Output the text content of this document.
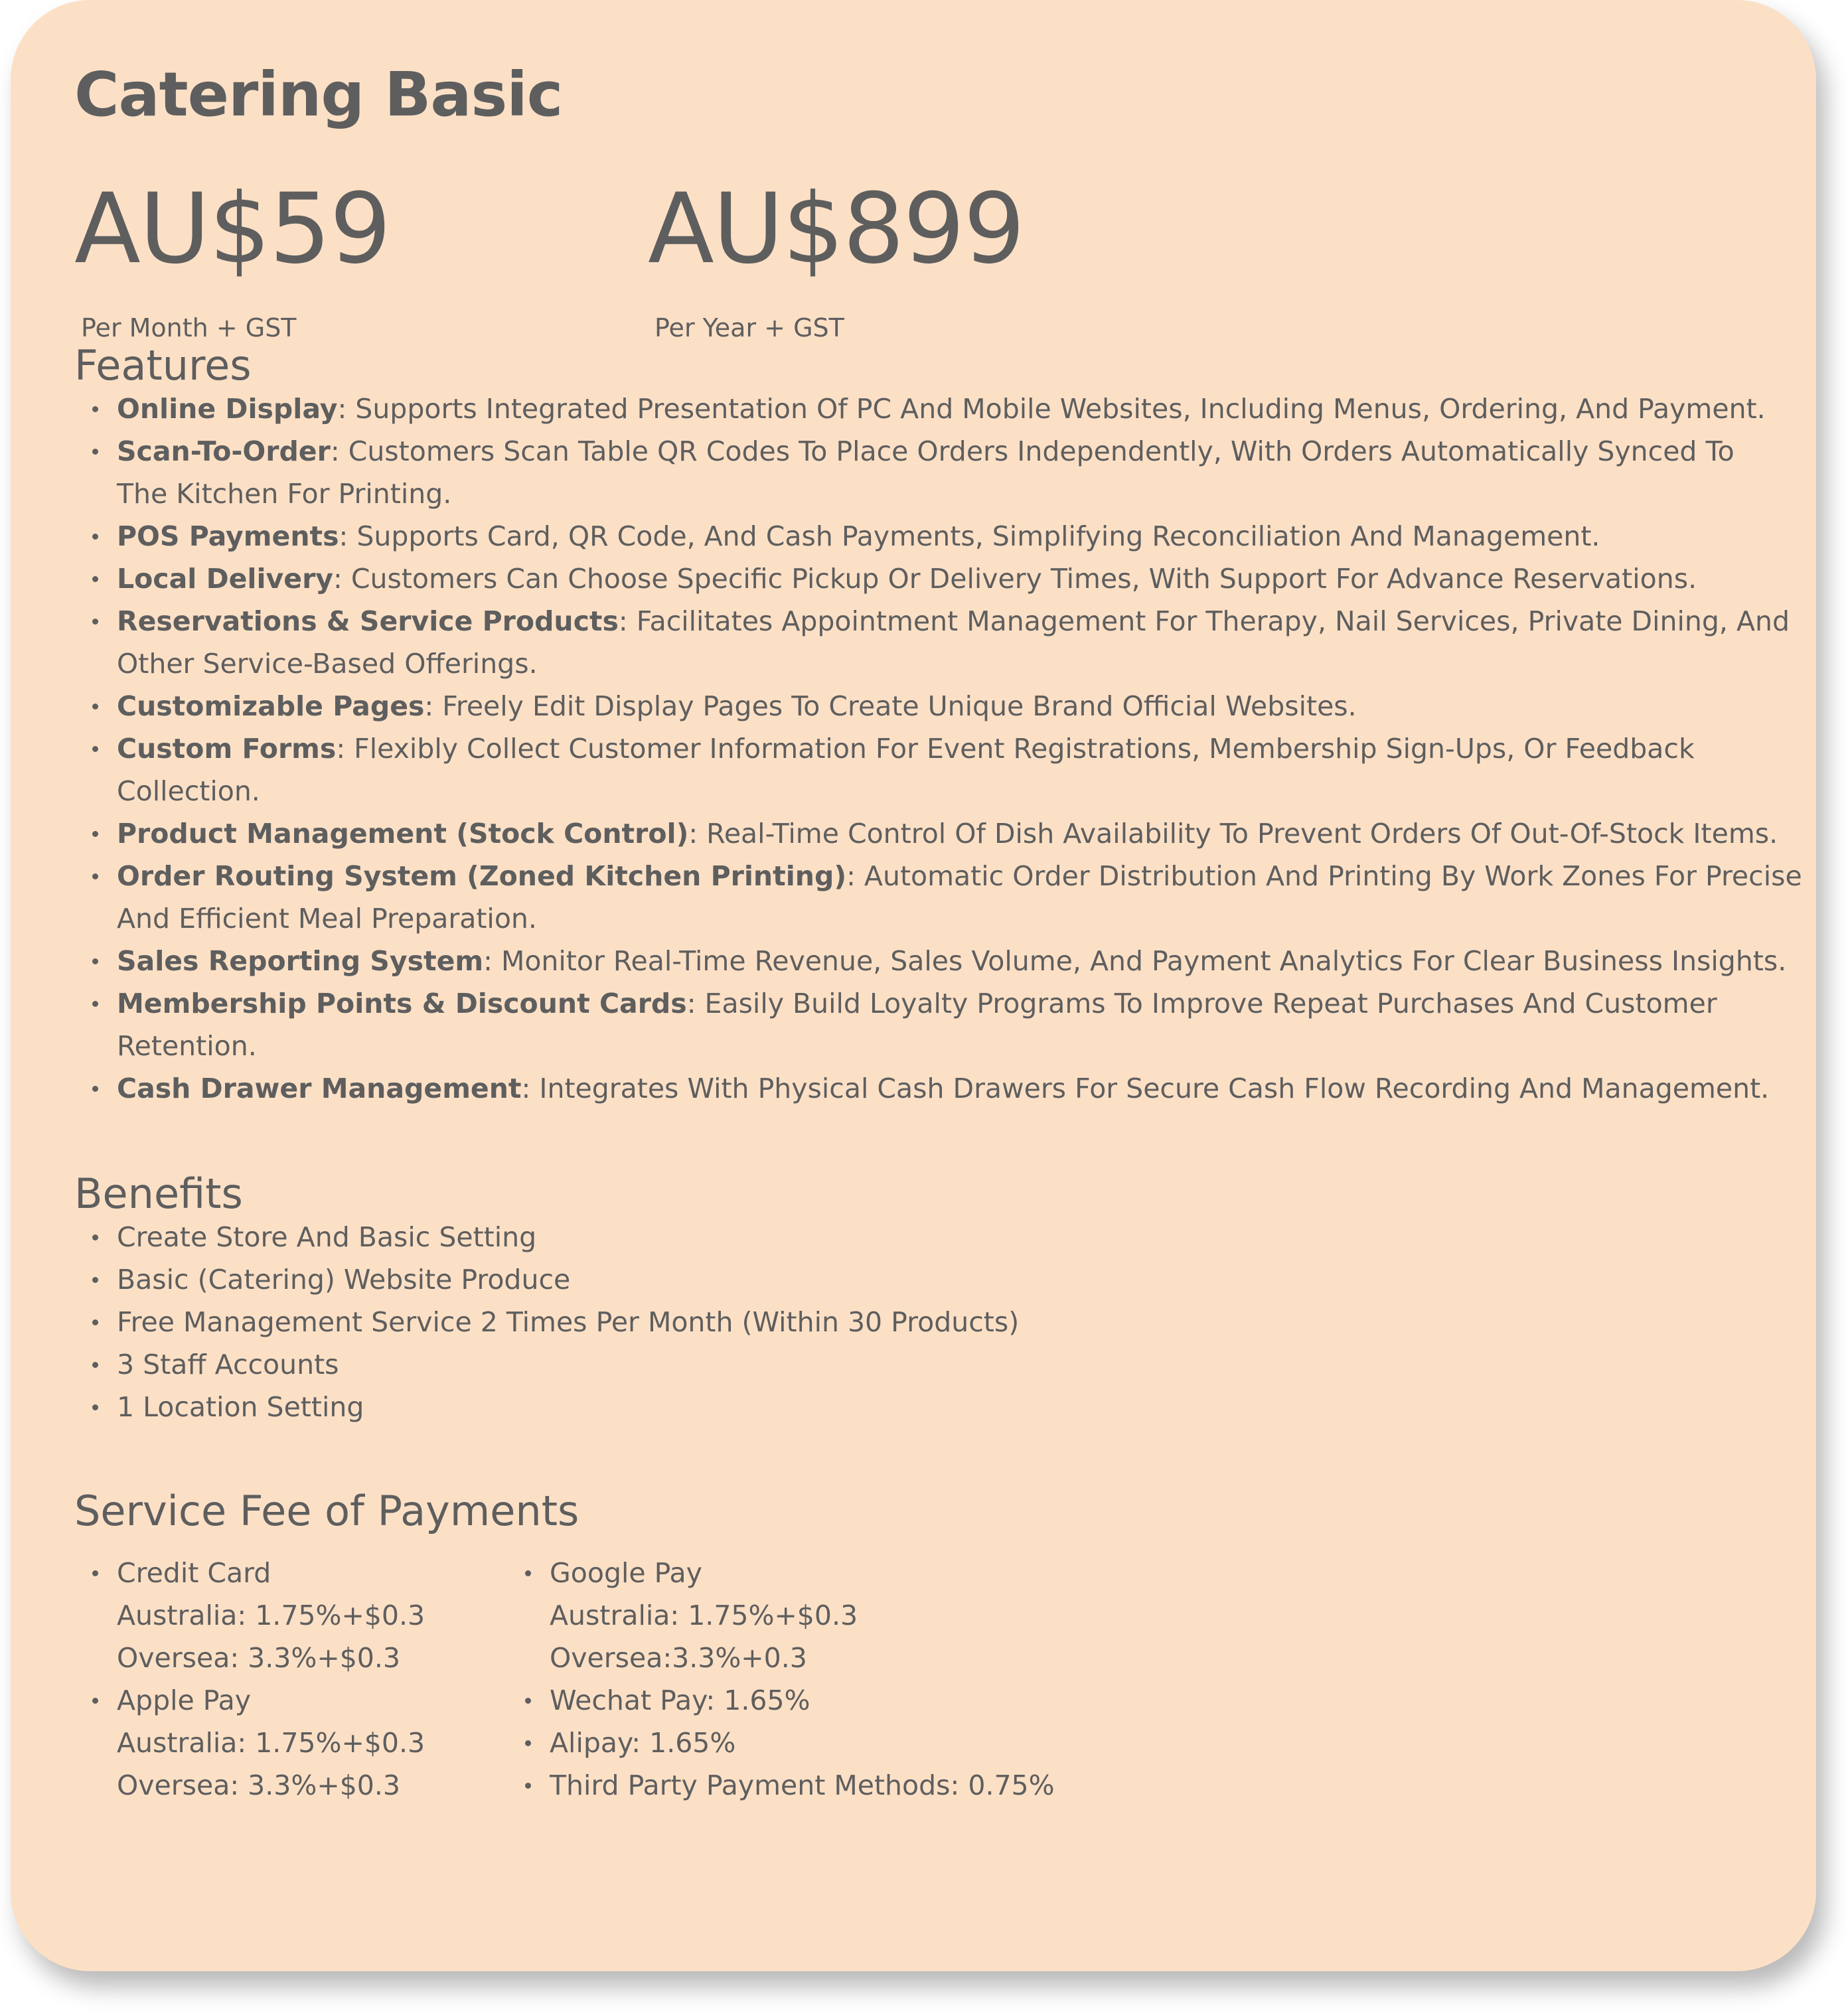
Catering Basic
AU$59
Per Month + GST
AU$899
Per Year + GST
Features
Online Display: Supports Integrated Presentation Of PC And Mobile Websites, Including Menus, Ordering, And Payment.
Scan-To-Order: Customers Scan Table QR Codes To Place Orders Independently, With Orders Automatically Synced To
The Kitchen For Printing.
POS Payments: Supports Card, QR Code, And Cash Payments, Simplifying Reconciliation And Management.
Local Delivery: Customers Can Choose Specific Pickup Or Delivery Times, With Support For Advance Reservations.
Reservations & Service Products: Facilitates Appointment Management For Therapy, Nail Services, Private Dining, And
Other Service-Based Offerings.
Customizable Pages: Freely Edit Display Pages To Create Unique Brand Official Websites.
Custom Forms: Flexibly Collect Customer Information For Event Registrations, Membership Sign-Ups, Or Feedback
Collection.
Product Management (Stock Control): Real-Time Control Of Dish Availability To Prevent Orders Of Out-Of-Stock Items.
Order Routing System (Zoned Kitchen Printing): Automatic Order Distribution And Printing By Work Zones For Precise
And Efficient Meal Preparation.
Sales Reporting System: Monitor Real-Time Revenue, Sales Volume, And Payment Analytics For Clear Business Insights.
Membership Points & Discount Cards: Easily Build Loyalty Programs To Improve Repeat Purchases And Customer
Retention.
Cash Drawer Management: Integrates With Physical Cash Drawers For Secure Cash Flow Recording And Management.
Benefits
Create Store And Basic Setting
Basic (Catering) Website Produce
Free Management Service 2 Times Per Month (Within 30 Products)
3 Staff Accounts
1 Location Setting
Service Fee of Payments
Credit Card
Australia: 1.75%+$0.3
Oversea: 3.3%+$0.3
Apple Pay
Australia: 1.75%+$0.3
Oversea: 3.3%+$0.3
Google Pay
Australia: 1.75%+$0.3
Oversea:3.3%+0.3
Wechat Pay: 1.65%
Alipay: 1.65%
Third Party Payment Methods: 0.75%
